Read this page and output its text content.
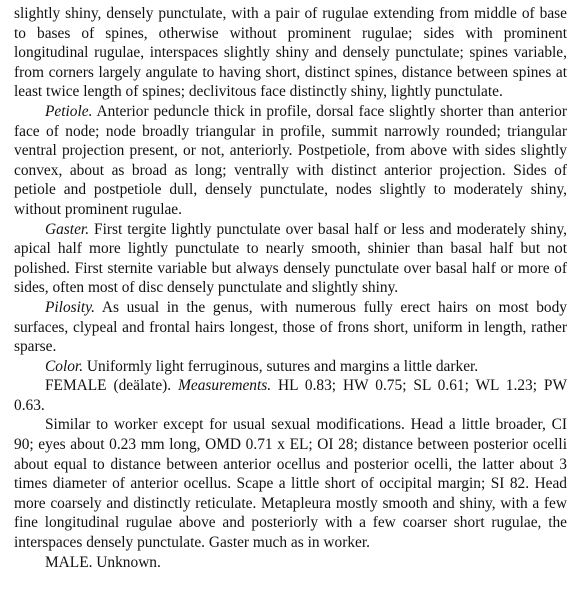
slightly shiny, densely punctulate, with a pair of rugulae extending from middle of base to bases of spines, otherwise without prominent rugulae; sides with prominent longitudinal rugulae, interspaces slightly shiny and densely punctulate; spines variable, from corners largely angulate to having short, distinct spines, distance between spines at least twice length of spines; declivitous face distinctly shiny, lightly punctulate.

Petiole. Anterior peduncle thick in profile, dorsal face slightly shorter than anterior face of node; node broadly triangular in profile, summit narrowly rounded; triangular ventral projection present, or not, anteriorly. Postpetiole, from above with sides slightly convex, about as broad as long; ventrally with distinct anterior projection. Sides of petiole and postpetiole dull, densely punctulate, nodes slightly to moderately shiny, without prominent rugulae.

Gaster. First tergite lightly punctulate over basal half or less and moderately shiny, apical half more lightly punctulate to nearly smooth, shinier than basal half but not polished. First sternite variable but always densely punctulate over basal half or more of sides, often most of disc densely punctulate and slightly shiny.

Pilosity. As usual in the genus, with numerous fully erect hairs on most body surfaces, clypeal and frontal hairs longest, those of frons short, uniform in length, rather sparse.

Color. Uniformly light ferruginous, sutures and margins a little darker.

FEMALE (deälate). Measurements. HL 0.83; HW 0.75; SL 0.61; WL 1.23; PW 0.63.

Similar to worker except for usual sexual modifications. Head a little broader, CI 90; eyes about 0.23 mm long, OMD 0.71 x EL; OI 28; distance between posterior ocelli about equal to distance between anterior ocellus and posterior ocelli, the latter about 3 times diameter of anterior ocellus. Scape a little short of occipital margin; SI 82. Head more coarsely and distinctly reticulate. Metapleura mostly smooth and shiny, with a few fine longitudinal rugulae above and posteriorly with a few coarser short rugulae, the interspaces densely punctulate. Gaster much as in worker.

MALE. Unknown.
